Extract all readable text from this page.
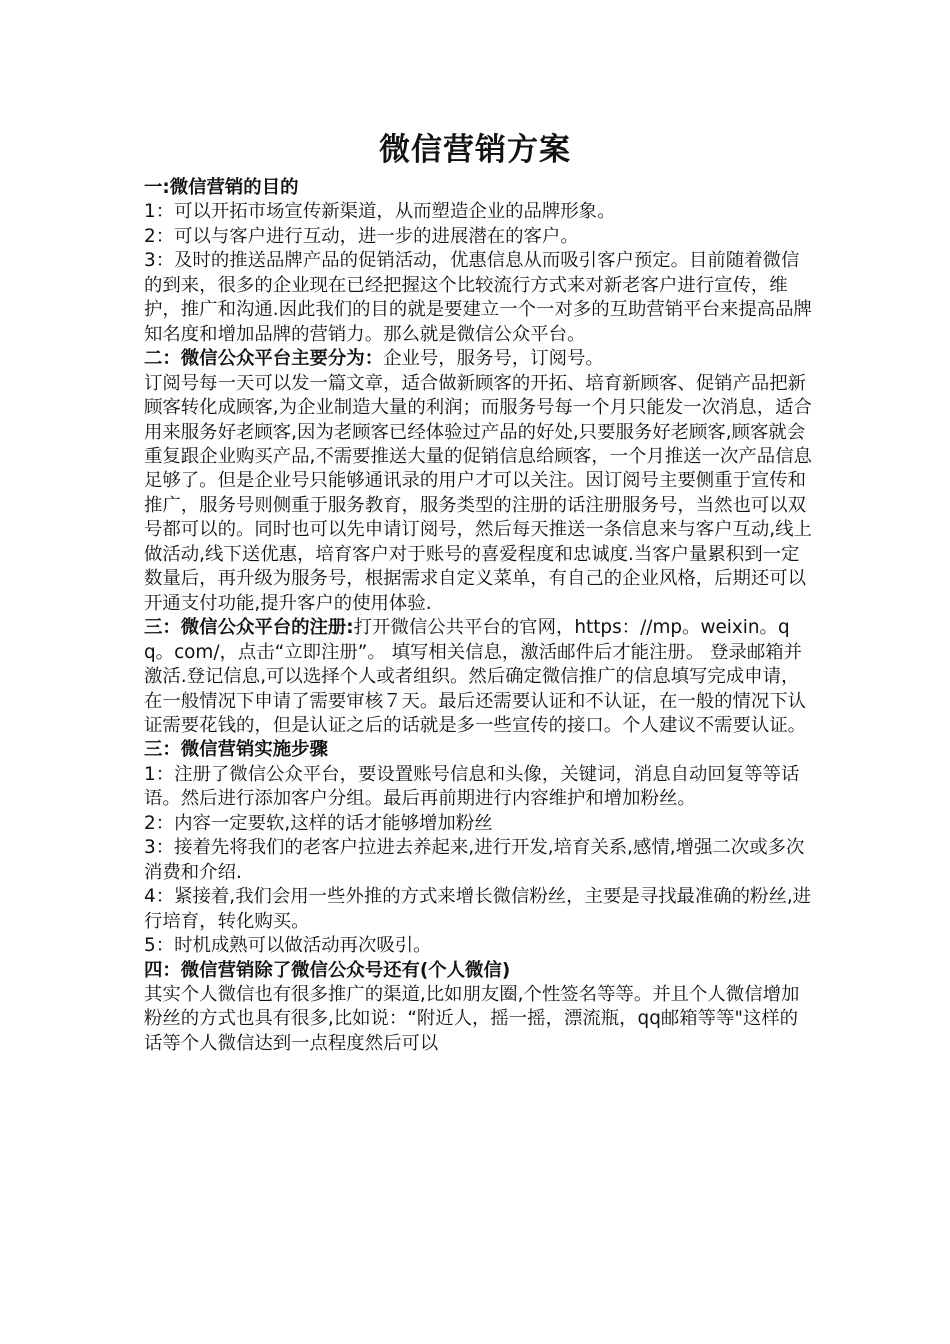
微信营销方案

一:微信营销的目的

1：可以开拓市场宣传新渠道，从而塑造企业的品牌形象。

2：可以与客户进行互动，进一步的进展潜在的客户。

3：及时的推送品牌产品的促销活动，优惠信息从而吸引客户预定。目前随着微信的到来，很多的企业现在已经把握这个比较流行方式来对新老客户进行宣传，维护，推广和沟通.因此我们的目的就是要建立一个一对多的互助营销平台来提高品牌知名度和增加品牌的营销力。那么就是微信公众平台。

二：微信公众平台主要分为：企业号，服务号，订阅号。

订阅号每一天可以发一篇文章，适合做新顾客的开拓、培育新顾客、促销产品把新顾客转化成顾客,为企业制造大量的利润；而服务号每一个月只能发一次消息，适合用来服务好老顾客,因为老顾客已经体验过产品的好处,只要服务好老顾客,顾客就会重复跟企业购买产品,不需要推送大量的促销信息给顾客，一个月推送一次产品信息足够了。但是企业号只能够通讯录的用户才可以关注。因订阅号主要侧重于宣传和推广，服务号则侧重于服务教育，服务类型的注册的话注册服务号，当然也可以双号都可以的。同时也可以先申请订阅号，然后每天推送一条信息来与客户互动,线上做活动,线下送优惠，培育客户对于账号的喜爱程度和忠诚度.当客户量累积到一定数量后，再升级为服务号，根据需求自定义菜单，有自己的企业风格，后期还可以开通支付功能,提升客户的使用体验.

三：微信公众平台的注册:打开微信公共平台的官网，https：//mp。weixin。qq。com/，点击“立即注册”。 填写相关信息，激活邮件后才能注册。 登录邮箱并激活.登记信息,可以选择个人或者组织。然后确定微信推广的信息填写完成申请，在一般情况下申请了需要审核７天。最后还需要认证和不认证，在一般的情况下认证需要花钱的，但是认证之后的话就是多一些宣传的接口。个人建议不需要认证。

三：微信营销实施步骤

1：注册了微信公众平台，要设置账号信息和头像，关键词，消息自动回复等等话语。然后进行添加客户分组。最后再前期进行内容维护和增加粉丝。

2：内容一定要软,这样的话才能够增加粉丝

3：接着先将我们的老客户拉进去养起来,进行开发,培育关系,感情,增强二次或多次消费和介绍.

4：紧接着,我们会用一些外推的方式来增长微信粉丝，主要是寻找最准确的粉丝,进行培育，转化购买。

5：时机成熟可以做活动再次吸引。

四：微信营销除了微信公众号还有(个人微信)

其实个人微信也有很多推广的渠道,比如朋友圈,个性签名等等。并且个人微信增加粉丝的方式也具有很多,比如说：“附近人，摇一摇，漂流瓶，qq邮箱等等"这样的话等个人微信达到一点程度然后可以
